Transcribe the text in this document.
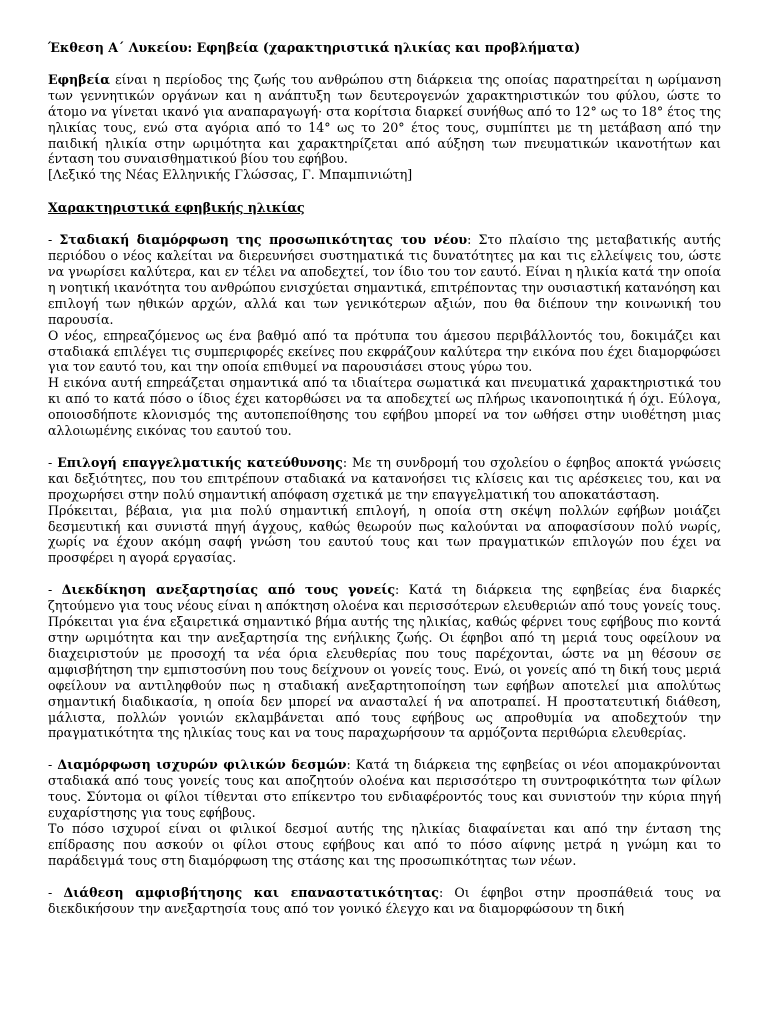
Έκθεση Α΄ Λυκείου: Εφηβεία (χαρακτηριστικά ηλικίας και προβλήματα)

Εφηβεία είναι η περίοδος της ζωής του ανθρώπου στη διάρκεια της οποίας παρατηρείται η ωρίμανση των γεννητικών οργάνων και η ανάπτυξη των δευτερογενών χαρακτηριστικών του φύλου, ώστε το άτομο να γίνεται ικανό για αναπαραγωγή· στα κορίτσια διαρκεί συνήθως από το 12° ως το 18° έτος της ηλικίας τους, ενώ στα αγόρια από το 14° ως το 20° έτος τους, συμπίπτει με τη μετάβαση από την παιδική ηλικία στην ωριμότητα και χαρακτηρίζεται από αύξηση των πνευματικών ικανοτήτων και ένταση του συναισθηματικού βίου του εφήβου.

[Λεξικό της Νέας Ελληνικής Γλώσσας, Γ. Μπαμπινιώτη]

Χαρακτηριστικά εφηβικής ηλικίας

- Σταδιακή διαμόρφωση της προσωπικότητας του νέου: Στο πλαίσιο της μεταβατικής αυτής περιόδου ο νέος καλείται να διερευνήσει συστηματικά τις δυνατότητες μα και τις ελλείψεις του, ώστε να γνωρίσει καλύτερα, και εν τέλει να αποδεχτεί, τον ίδιο του τον εαυτό. Είναι η ηλικία κατά την οποία η νοητική ικανότητα του ανθρώπου ενισχύεται σημαντικά, επιτρέποντας την ουσιαστική κατανόηση και επιλογή των ηθικών αρχών, αλλά και των γενικότερων αξιών, που θα διέπουν την κοινωνική του παρουσία.

Ο νέος, επηρεαζόμενος ως ένα βαθμό από τα πρότυπα του άμεσου περιβάλλοντός του, δοκιμάζει και σταδιακά επιλέγει τις συμπεριφορές εκείνες που εκφράζουν καλύτερα την εικόνα που έχει διαμορφώσει για τον εαυτό του, και την οποία επιθυμεί να παρουσιάσει στους γύρω του.

Η εικόνα αυτή επηρεάζεται σημαντικά από τα ιδιαίτερα σωματικά και πνευματικά χαρακτηριστικά του κι από το κατά πόσο ο ίδιος έχει κατορθώσει να τα αποδεχτεί ως πλήρως ικανοποιητικά ή όχι. Εύλογα, οποιοσδήποτε κλονισμός της αυτοπεποίθησης του εφήβου μπορεί να τον ωθήσει στην υιοθέτηση μιας αλλοιωμένης εικόνας του εαυτού του.

- Επιλογή επαγγελματικής κατεύθυνσης: Με τη συνδρομή του σχολείου ο έφηβος αποκτά γνώσεις και δεξιότητες, που του επιτρέπουν σταδιακά να κατανοήσει τις κλίσεις και τις αρέσκειες του, και να προχωρήσει στην πολύ σημαντική απόφαση σχετικά με την επαγγελματική του αποκατάσταση.

Πρόκειται, βέβαια, για μια πολύ σημαντική επιλογή, η οποία στη σκέψη πολλών εφήβων μοιάζει δεσμευτική και συνιστά πηγή άγχους, καθώς θεωρούν πως καλούνται να αποφασίσουν πολύ νωρίς, χωρίς να έχουν ακόμη σαφή γνώση του εαυτού τους και των πραγματικών επιλογών που έχει να προσφέρει η αγορά εργασίας.

- Διεκδίκηση ανεξαρτησίας από τους γονείς: Κατά τη διάρκεια της εφηβείας ένα διαρκές ζητούμενο για τους νέους είναι η απόκτηση ολοένα και περισσότερων ελευθεριών από τους γονείς τους. Πρόκειται για ένα εξαιρετικά σημαντικό βήμα αυτής της ηλικίας, καθώς φέρνει τους εφήβους πιο κοντά στην ωριμότητα και την ανεξαρτησία της ενήλικης ζωής. Οι έφηβοι από τη μεριά τους οφείλουν να διαχειριστούν με προσοχή τα νέα όρια ελευθερίας που τους παρέχονται, ώστε να μη θέσουν σε αμφισβήτηση την εμπιστοσύνη που τους δείχνουν οι γονείς τους. Ενώ, οι γονείς από τη δική τους μεριά οφείλουν να αντιληφθούν πως η σταδιακή ανεξαρτητοποίηση των εφήβων αποτελεί μια απολύτως σημαντική διαδικασία, η οποία δεν μπορεί να ανασταλεί ή να αποτραπεί. Η προστατευτική διάθεση, μάλιστα, πολλών γονιών εκλαμβάνεται από τους εφήβους ως απροθυμία να αποδεχτούν την πραγματικότητα της ηλικίας τους και να τους παραχωρήσουν τα αρμόζοντα περιθώρια ελευθερίας.

- Διαμόρφωση ισχυρών φιλικών δεσμών: Κατά τη διάρκεια της εφηβείας οι νέοι απομακρύνονται σταδιακά από τους γονείς τους και αποζητούν ολοένα και περισσότερο τη συντροφικότητα των φίλων τους. Σύντομα οι φίλοι τίθενται στο επίκεντρο του ενδιαφέροντός τους και συνιστούν την κύρια πηγή ευχαρίστησης για τους εφήβους.

Το πόσο ισχυροί είναι οι φιλικοί δεσμοί αυτής της ηλικίας διαφαίνεται και από την ένταση της επίδρασης που ασκούν οι φίλοι στους εφήβους και από το πόσο αίφνης μετρά η γνώμη και το παράδειγμά τους στη διαμόρφωση της στάσης και της προσωπικότητας των νέων.

- Διάθεση αμφισβήτησης και επαναστατικότητας: Οι έφηβοι στην προσπάθειά τους να διεκδικήσουν την ανεξαρτησία τους από τον γονικό έλεγχο και να διαμορφώσουν τη δική
